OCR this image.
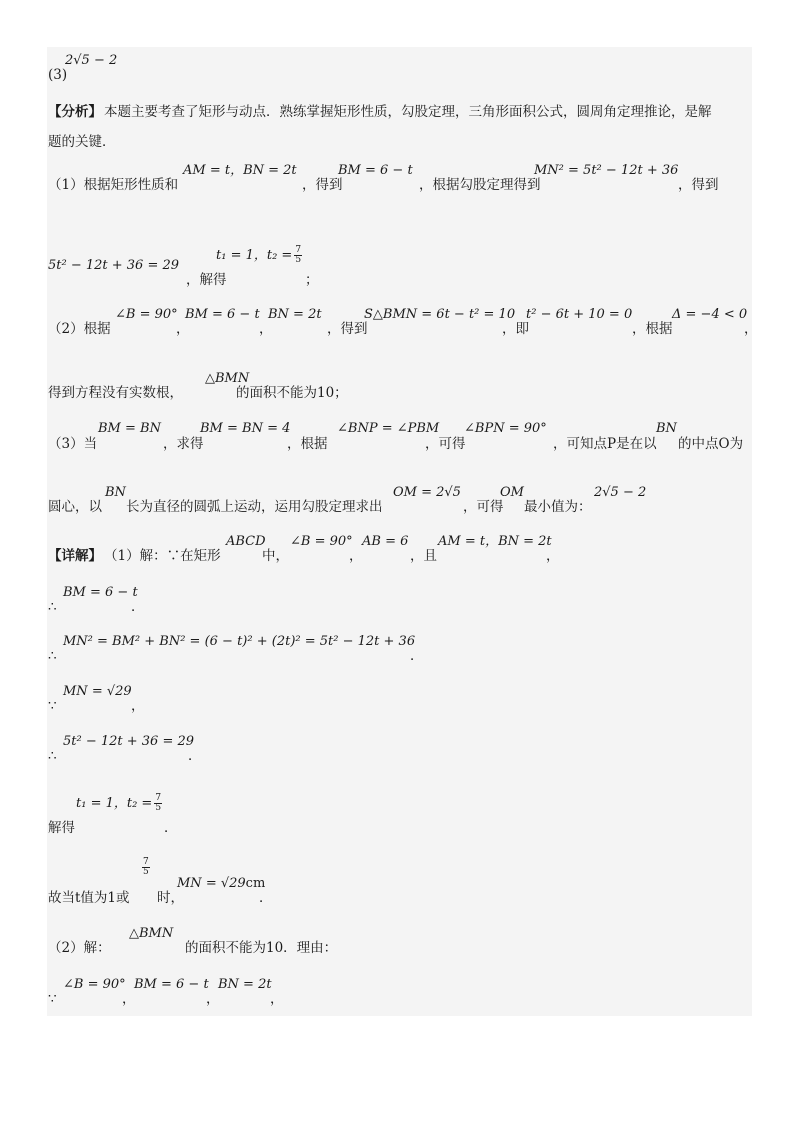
2√5 − 2
(3)
【分析】 本题主要考查了矩形与动点．熟练掌握矩形性质，勾股定理，三角形面积公式，圆周角定理推论，是解
题的关键．
（1）根据矩形性质和
AM = t，BN = 2t
，得到
BM = 6 − t
，根据勾股定理得到
MN² = 5t² − 12t + 36
，得到
5t² − 12t + 36 = 29
t₁ = 1，$t_2 = \frac{7}{5}$
，解得	；
（2）根据
∠B = 90°
，
BM = 6 − t
，
BN = 2t
，得到
S△BMN = 6t − t² = 10
，即
t² − 6t + 10 = 0
，根据
Δ = −4 < 0
，
△BMN
得到方程没有实数根，	的面积不能为10；
（3）当
BM = BN
，求得
BM = BN = 4
，根据
∠BNP = ∠PBM
，可得
∠BPN = 90°
，可知点P是在以
BN
的中点O为
圆心，以
BN
长为直径的圆弧上运动，运用勾股定理求出
OM = 2√5
，可得
OM
最小值为：
2√5 − 2
【详解】 （1）解：∵在矩形
ABCD
中，
∠B = 90°
，
AB = 6
，且
AM = t，BN = 2t
，
BM = 6 − t
∴	．
MN² = BM² + BN² = (6 − t)² + (2t)² = 5t² − 12t + 36
∴	．
MN = √29
∵	，
5t² − 12t + 36 = 29
∴	．
t₁ = 1，$t_2 = \frac{7}{5}$
解得	．
$\frac{7}{5}$
故当t值为1或 时，
MN = √29cm
．
△BMN
（2）解：	的面积不能为10．理由：
∠B = 90°
∵	，
BM = 6 − t
，
BN = 2t
，
